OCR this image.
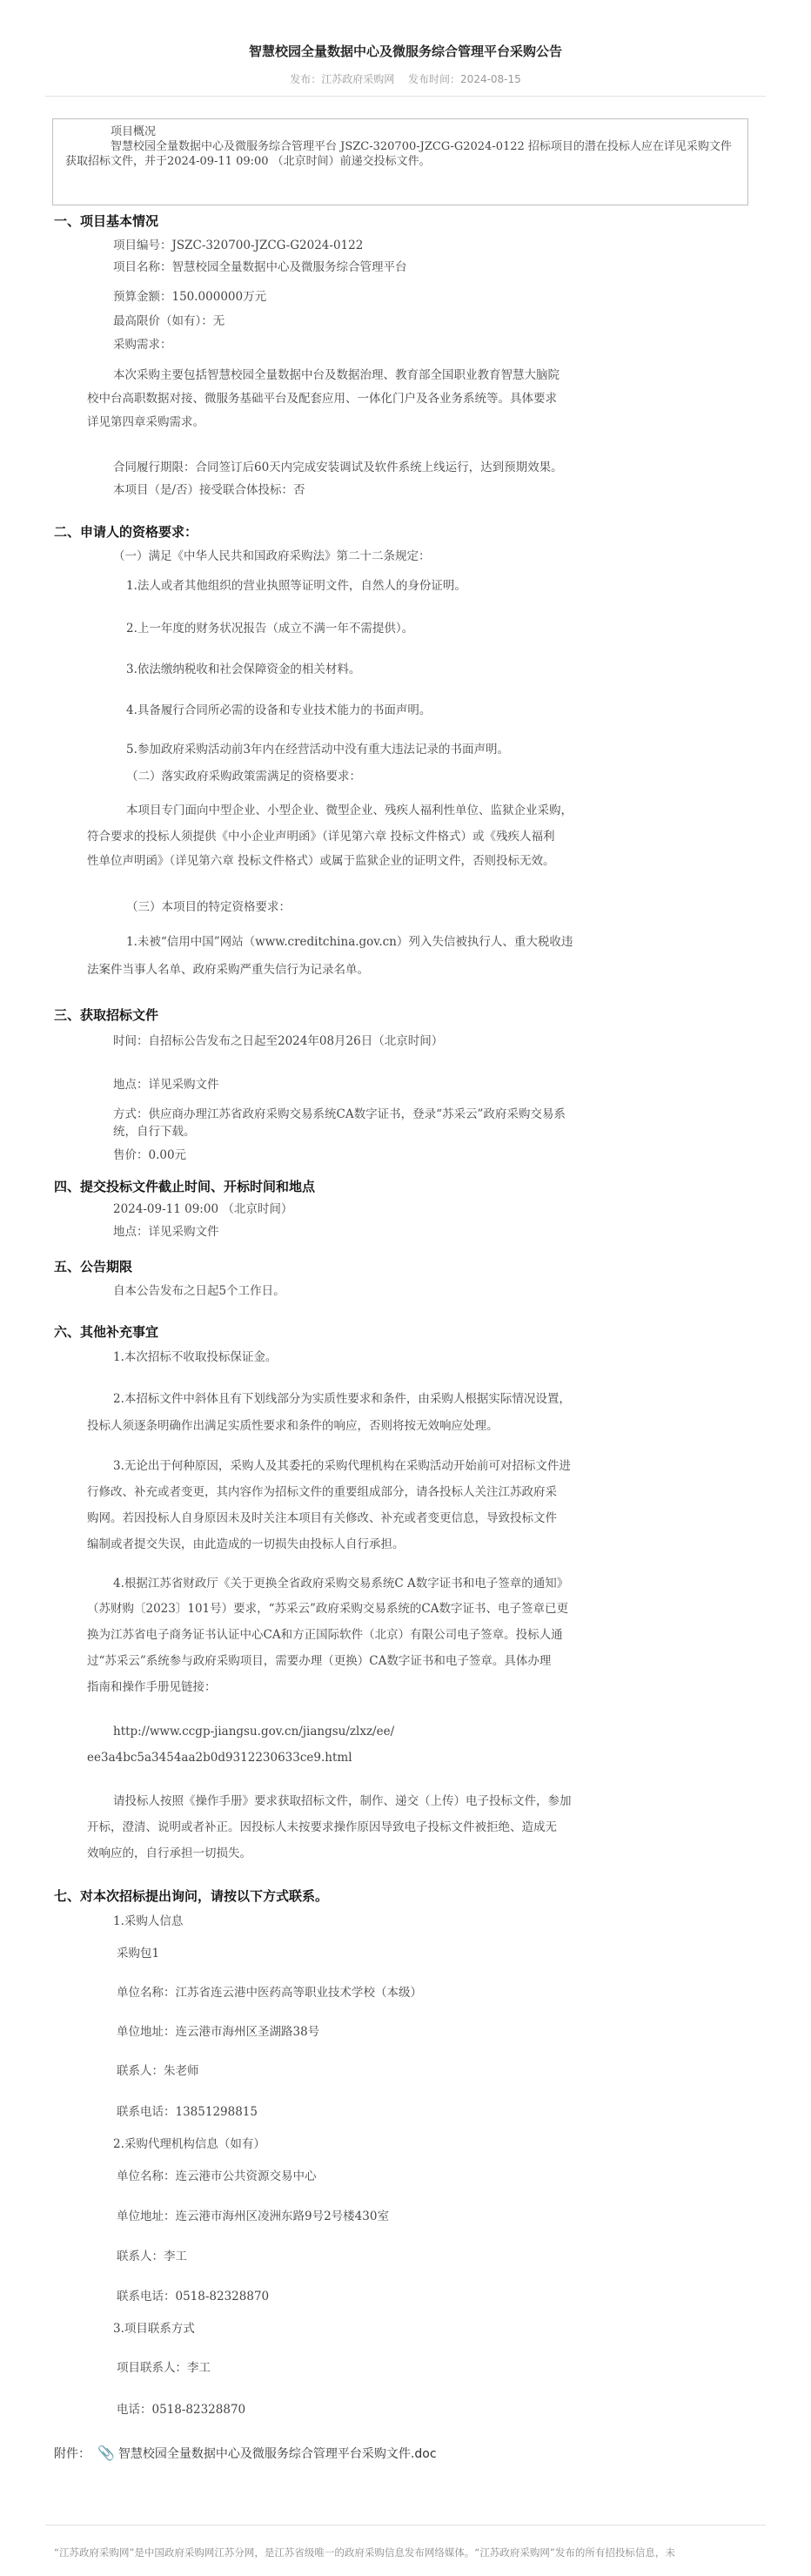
智慧校园全量数据中心及微服务综合管理平台采购公告
发布：江苏政府采购网 发布时间：2024-08-15
项目概况
智慧校园全量数据中心及微服务综合管理平台 JSZC-320700-JZCG-G2024-0122 招标项目的潜在投标人应在详见采购文件 获取招标文件，并于2024-09-11 09:00 （北京时间）前递交投标文件。
一、项目基本情况
项目编号：JSZC-320700-JZCG-G2024-0122
项目名称：智慧校园全量数据中心及微服务综合管理平台
预算金额：150.000000万元
最高限价（如有）：无
采购需求：
本次采购主要包括智慧校园全量数据中台及数据治理、教育部全国职业教育智慧大脑院
校中台高职数据对接、微服务基础平台及配套应用、一体化门户及各业务系统等。具体要求
详见第四章采购需求。
合同履行期限：合同签订后60天内完成安装调试及软件系统上线运行，达到预期效果。
本项目（是/否）接受联合体投标：否
二、申请人的资格要求：
（一）满足《中华人民共和国政府采购法》第二十二条规定：
1.法人或者其他组织的营业执照等证明文件，自然人的身份证明。
2.上一年度的财务状况报告（成立不满一年不需提供）。
3.依法缴纳税收和社会保障资金的相关材料。
4.具备履行合同所必需的设备和专业技术能力的书面声明。
5.参加政府采购活动前3年内在经营活动中没有重大违法记录的书面声明。
（二）落实政府采购政策需满足的资格要求：
本项目专门面向中型企业、小型企业、微型企业、残疾人福利性单位、监狱企业采购，
符合要求的投标人须提供《中小企业声明函》（详见第六章 投标文件格式）或《残疾人福利
性单位声明函》（详见第六章 投标文件格式）或属于监狱企业的证明文件，否则投标无效。
（三）本项目的特定资格要求：
1.未被“信用中国”网站（www.creditchina.gov.cn）列入失信被执行人、重大税收违
法案件当事人名单、政府采购严重失信行为记录名单。
三、获取招标文件
时间：自招标公告发布之日起至2024年08月26日（北京时间）
地点：详见采购文件
方式：供应商办理江苏省政府采购交易系统CA数字证书，登录“苏采云”政府采购交易系
统，自行下载。
售价：0.00元
四、提交投标文件截止时间、开标时间和地点
2024-09-11 09:00 （北京时间）
地点：详见采购文件
五、公告期限
自本公告发布之日起5个工作日。
六、其他补充事宜
1.本次招标不收取投标保证金。
2.本招标文件中斜体且有下划线部分为实质性要求和条件，由采购人根据实际情况设置，
投标人须逐条明确作出满足实质性要求和条件的响应，否则将按无效响应处理。
3.无论出于何种原因，采购人及其委托的采购代理机构在采购活动开始前可对招标文件进
行修改、补充或者变更，其内容作为招标文件的重要组成部分，请各投标人关注江苏政府采
购网。若因投标人自身原因未及时关注本项目有关修改、补充或者变更信息，导致投标文件
编制或者提交失误，由此造成的一切损失由投标人自行承担。
4.根据江苏省财政厅《关于更换全省政府采购交易系统C A数字证书和电子签章的通知》
（苏财购〔2023〕101号）要求，“苏采云”政府采购交易系统的CA数字证书、电子签章已更
换为江苏省电子商务证书认证中心CA和方正国际软件（北京）有限公司电子签章。投标人通
过“苏采云”系统参与政府采购项目，需要办理（更换）CA数字证书和电子签章。具体办理
指南和操作手册见链接：
http://www.ccgp-jiangsu.gov.cn/jiangsu/zlxz/ee/
ee3a4bc5a3454aa2b0d9312230633ce9.html
请投标人按照《操作手册》要求获取招标文件，制作、递交（上传）电子投标文件，参加
开标，澄清、说明或者补正。因投标人未按要求操作原因导致电子投标文件被拒绝、造成无
效响应的，自行承担一切损失。
七、对本次招标提出询问，请按以下方式联系。
1.采购人信息
采购包1
单位名称：江苏省连云港中医药高等职业技术学校（本级）
单位地址：连云港市海州区圣湖路38号
联系人：朱老师
联系电话：13851298815
2.采购代理机构信息（如有）
单位名称：连云港市公共资源交易中心
单位地址：连云港市海州区凌洲东路9号2号楼430室
联系人：李工
联系电话：0518-82328870
3.项目联系方式
项目联系人：李工
电话：0518-82328870
附件： 📎 智慧校园全量数据中心及微服务综合管理平台采购文件.doc
“江苏政府采购网”是中国政府采购网江苏分网，是江苏省级唯一的政府采购信息发布网络媒体。“江苏政府采购网”发布的所有招投标信息，未
